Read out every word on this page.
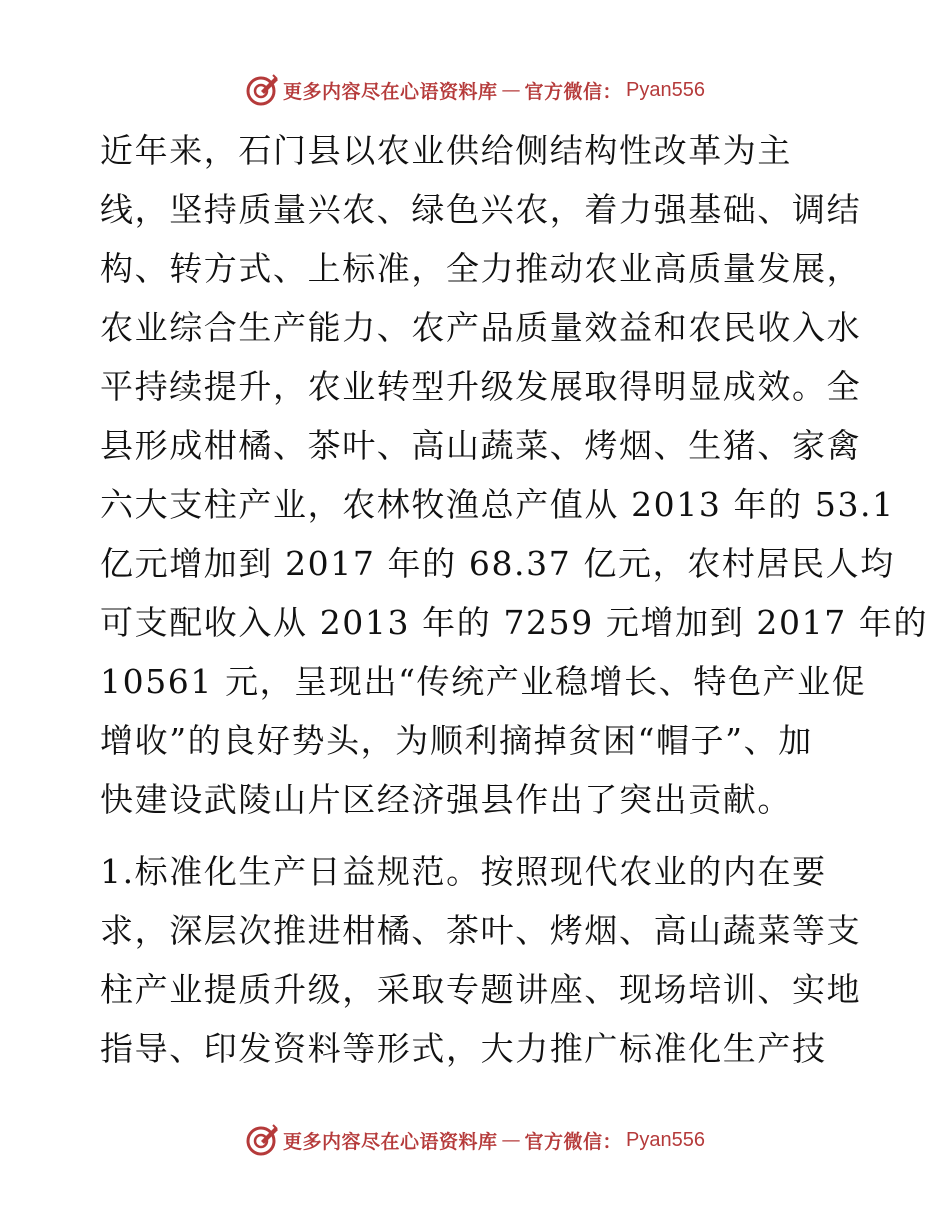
更多内容尽在心语资料库 — 官方微信： Pyan556
近年来，石门县以农业供给侧结构性改革为主
线，坚持质量兴农、绿色兴农，着力强基础、调结
构、转方式、上标准，全力推动农业高质量发展，
农业综合生产能力、农产品质量效益和农民收入水
平持续提升，农业转型升级发展取得明显成效。全
县形成柑橘、茶叶、高山蔬菜、烤烟、生猪、家禽
六大支柱产业，农林牧渔总产值从 2013 年的 53.1
亿元增加到 2017 年的 68.37 亿元，农村居民人均
可支配收入从 2013 年的 7259 元增加到 2017 年的
10561 元，呈现出“传统产业稳增长、特色产业促
增收”的良好势头，为顺利摘掉贫困“帽子”、加
快建设武陵山片区经济强县作出了突出贡献。
1.标准化生产日益规范。按照现代农业的内在要
求，深层次推进柑橘、茶叶、烤烟、高山蔬菜等支
柱产业提质升级，采取专题讲座、现场培训、实地
指导、印发资料等形式，大力推广标准化生产技
更多内容尽在心语资料库 — 官方微信： Pyan556
